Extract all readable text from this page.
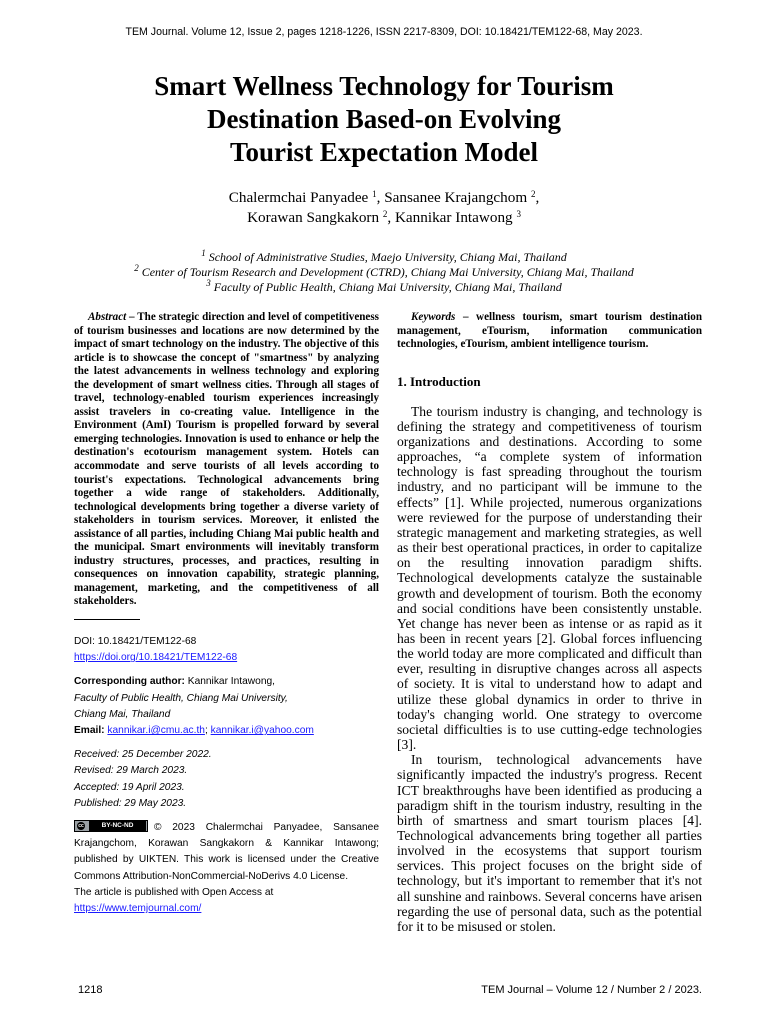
TEM Journal. Volume 12, Issue 2, pages 1218-1226, ISSN 2217-8309, DOI: 10.18421/TEM122-68, May 2023.
Smart Wellness Technology for Tourism
Destination Based-on Evolving
Tourist Expectation Model
Chalermchai Panyadee $^1$, Sansanee Krajangchom $^2$,
Korawan Sangkakorn $^2$, Kannikar Intawong $^3$
$^1$ School of Administrative Studies, Maejo University, Chiang Mai, Thailand
$^2$ Center of Tourism Research and Development (CTRD), Chiang Mai University, Chiang Mai, Thailand
$^3$ Faculty of Public Health, Chiang Mai University, Chiang Mai, Thailand

Abstract – The strategic direction and level of competitiveness of tourism businesses and locations are now determined by the impact of smart technology on the industry. The objective of this article is to showcase the concept of "smartness" by analyzing the latest advancements in wellness technology and exploring the development of smart wellness cities. Through all stages of travel, technology-enabled tourism experiences increasingly assist travelers in co-creating value. Intelligence in the Environment (AmI) Tourism is propelled forward by several emerging technologies. Innovation is used to enhance or help the destination's ecotourism management system. Hotels can accommodate and serve tourists of all levels according to tourist's expectations. Technological advancements bring together a wide range of stakeholders. Additionally, technological developments bring together a diverse variety of stakeholders in tourism services. Moreover, it enlisted the assistance of all parties, including Chiang Mai public health and the municipal. Smart environments will inevitably transform industry structures, processes, and practices, resulting in consequences on innovation capability, strategic planning, management, marketing, and the competitiveness of all stakeholders.

DOI: 10.18421/TEM122-68

https://doi.org/10.18421/TEM122-68

Corresponding author: Kannikar Intawong,

Faculty of Public Health, Chiang Mai University,

Chiang Mai, Thailand

Email: kannikar.i@cmu.ac.th; kannikar.i@yahoo.com

Received: 25 December 2022.

Revised: 29 March 2023.

Accepted: 19 April 2023.

Published: 29 May 2023.

cc	BY-NC-ND	© 2023 Chalermchai Panyadee, Sansanee Krajangchom, Korawan Sangkakorn & Kannikar Intawong; published by UIKTEN. This work is licensed under the Creative Commons Attribution-NonCommercial-NoDerivs 4.0 License.

The article is published with Open Access at

https://www.temjournal.com/

Keywords – wellness tourism, smart tourism destination management, eTourism, information communication technologies, eTourism, ambient intelligence tourism.

1. Introduction

The tourism industry is changing, and technology is defining the strategy and competitiveness of tourism organizations and destinations. According to some approaches, “a complete system of information technology is fast spreading throughout the tourism industry, and no participant will be immune to the effects” [1]. While projected, numerous organizations were reviewed for the purpose of understanding their strategic management and marketing strategies, as well as their best operational practices, in order to capitalize on the resulting innovation paradigm shifts. Technological developments catalyze the sustainable growth and development of tourism. Both the economy and social conditions have been consistently unstable. Yet change has never been as intense or as rapid as it has been in recent years [2]. Global forces influencing the world today are more complicated and difficult than ever, resulting in disruptive changes across all aspects of society. It is vital to understand how to adapt and utilize these global dynamics in order to thrive in today's changing world. One strategy to overcome societal difficulties is to use cutting-edge technologies [3].

In tourism, technological advancements have significantly impacted the industry's progress. Recent ICT breakthroughs have been identified as producing a paradigm shift in the tourism industry, resulting in the birth of smartness and smart tourism places [4]. Technological advancements bring together all parties involved in the ecosystems that support tourism services. This project focuses on the bright side of technology, but it's important to remember that it's not all sunshine and rainbows. Several concerns have arisen regarding the use of personal data, such as the potential for it to be misused or stolen.

1218	TEM Journal – Volume 12 / Number 2 / 2023.
